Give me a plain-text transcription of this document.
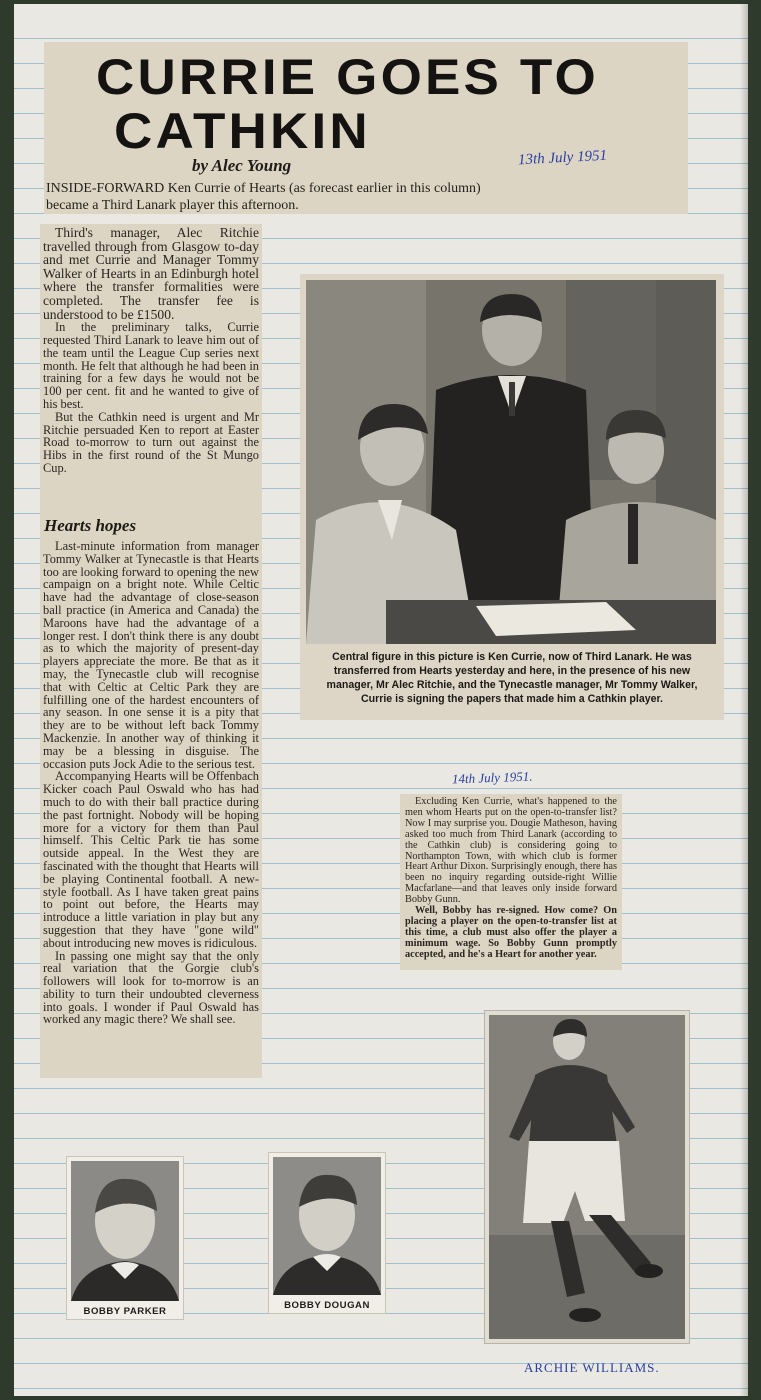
CURRIE GOES TO
CATHKIN
by Alec Young
INSIDE-FORWARD Ken Currie of Hearts (as forecast earlier in this column) became a Third Lanark player this afternoon.
13th July 1951

Third's manager, Alec Ritchie travelled through from Glasgow to-day and met Currie and Manager Tommy Walker of Hearts in an Edinburgh hotel where the transfer formalities were completed. The transfer fee is understood to be £1500.

In the preliminary talks, Currie requested Third Lanark to leave him out of the team until the League Cup series next month. He felt that although he had been in training for a few days he would not be 100 per cent. fit and he wanted to give of his best.

But the Cathkin need is urgent and Mr Ritchie persuaded Ken to report at Easter Road to-morrow to turn out against the Hibs in the first round of the St Mungo Cup.

Hearts hopes

Last-minute information from manager Tommy Walker at Tynecastle is that Hearts too are looking forward to opening the new campaign on a bright note. While Celtic have had the advantage of close-season ball practice (in America and Canada) the Maroons have had the advantage of a longer rest. I don't think there is any doubt as to which the majority of present-day players appreciate the more. Be that as it may, the Tynecastle club will recognise that with Celtic at Celtic Park they are fulfilling one of the hardest encounters of any season. In one sense it is a pity that they are to be without left back Tommy Mackenzie. In another way of thinking it may be a blessing in disguise. The occasion puts Jock Adie to the serious test.

Accompanying Hearts will be Offenbach Kicker coach Paul Oswald who has had much to do with their ball practice during the past fortnight. Nobody will be hoping more for a victory for them than Paul himself. This Celtic Park tie has some outside appeal. In the West they are fascinated with the thought that Hearts will be playing Continental football. A new-style football. As I have taken great pains to point out before, the Hearts may introduce a little variation in play but any suggestion that they have "gone wild" about introducing new moves is ridiculous.

In passing one might say that the only real variation that the Gorgie club's followers will look for to-morrow is an ability to turn their undoubted cleverness into goals. I wonder if Paul Oswald has worked any magic there? We shall see.

Central figure in this picture is Ken Currie, now of Third Lanark. He was transferred from Hearts yesterday and here, in the presence of his new manager, Mr Alec Ritchie, and the Tynecastle manager, Mr Tommy Walker, Currie is signing the papers that made him a Cathkin player.
14th July 1951.

Excluding Ken Currie, what's happened to the men whom Hearts put on the open-to-transfer list? Now I may surprise you. Dougie Matheson, having asked too much from Third Lanark (according to the Cathkin club) is considering going to Northampton Town, with which club is former Heart Arthur Dixon. Surprisingly enough, there has been no inquiry regarding outside-right Willie Macfarlane—and that leaves only inside forward Bobby Gunn.

Well, Bobby has re-signed. How come? On placing a player on the open-to-transfer list at this time, a club must also offer the player a minimum wage. So Bobby Gunn promptly accepted, and he's a Heart for another year.

BOBBY PARKER
BOBBY DOUGAN
ARCHIE WILLIAMS.
